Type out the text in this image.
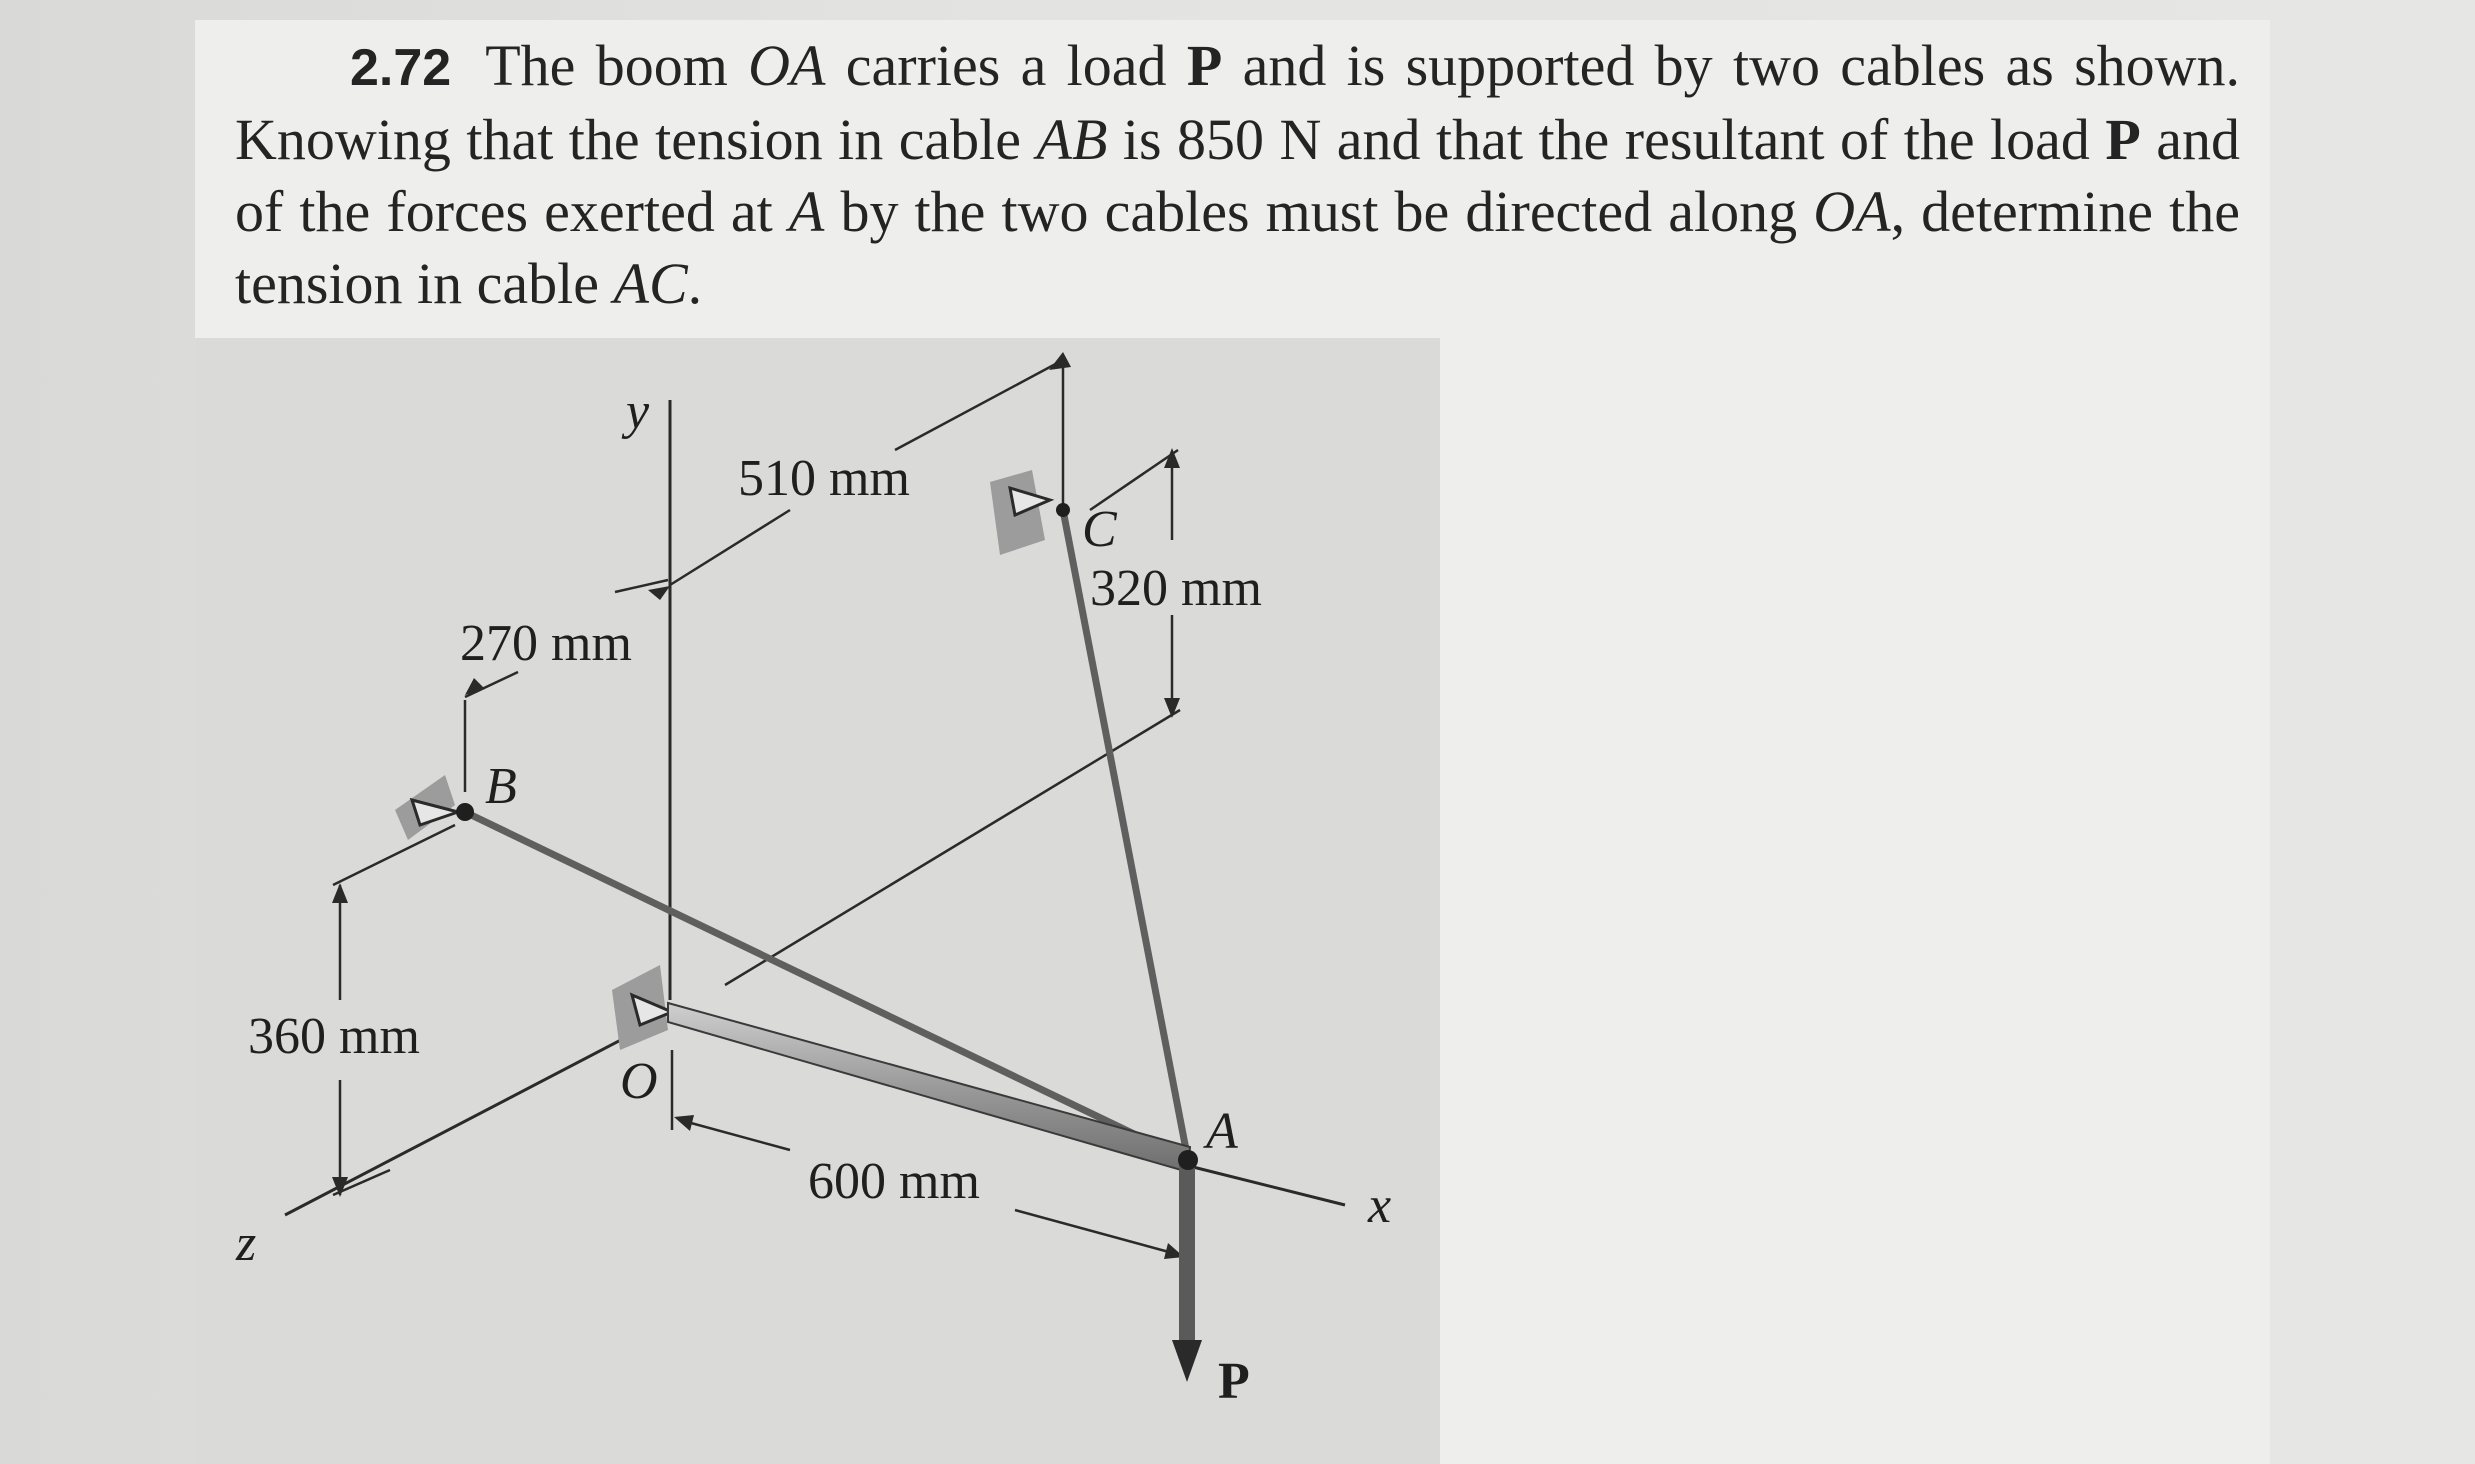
2.72 The boom OA carries a load P and is supported by two cables as shown. Knowing that the tension in cable AB is 850 N and that the resultant of the load P and of the forces exerted at A by the two cables must be directed along OA, determine the tension in cable AC.
y
x
z
B
C
O
A
P
510 mm
320 mm
270 mm
360 mm
600 mm
